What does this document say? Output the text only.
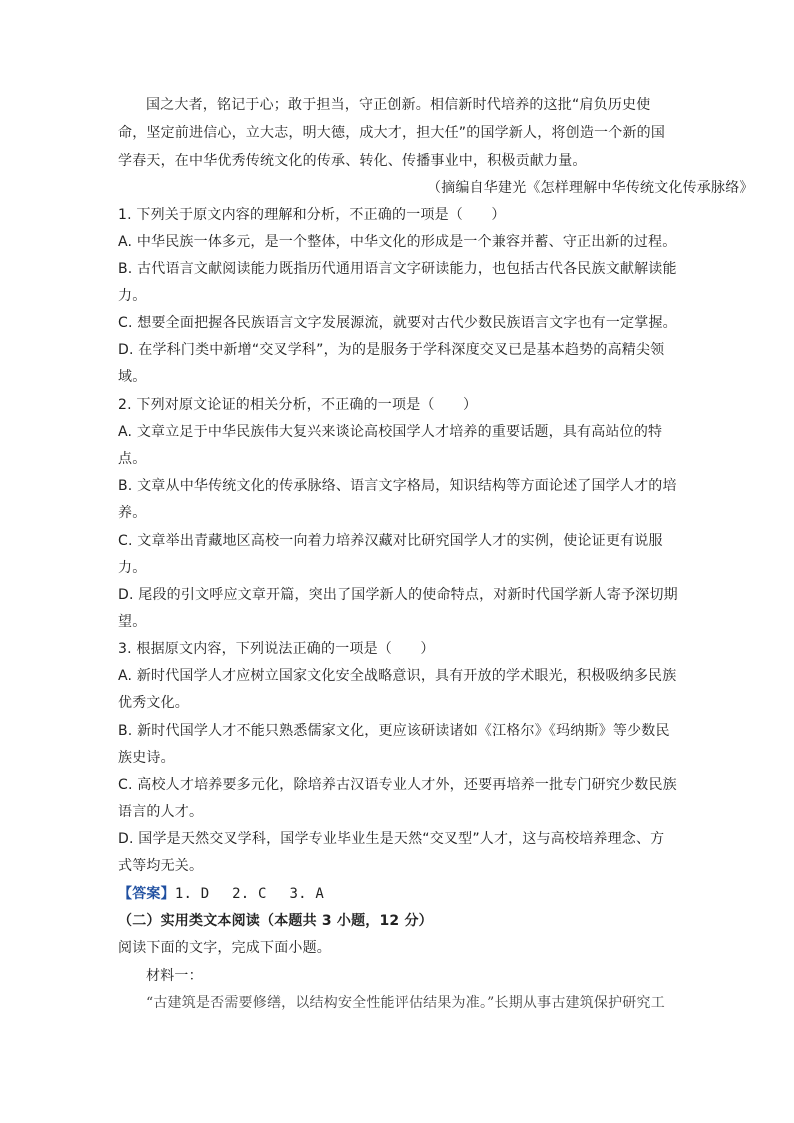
国之大者，铭记于心；敢于担当，守正创新。相信新时代培养的这批“肩负历史使
命，坚定前进信心，立大志，明大德，成大才，担大任”的国学新人，将创造一个新的国
学春天，在中华优秀传统文化的传承、转化、传播事业中，积极贡献力量。
（摘编自华建光《怎样理解中华传统文化传承脉络》
1. 下列关于原文内容的理解和分析，不正确的一项是（　　）
A. 中华民族一体多元，是一个整体，中华文化的形成是一个兼容并蓄、守正出新的过程。
B. 古代语言文献阅读能力既指历代通用语言文字研读能力，也包括古代各民族文献解读能
力。
C. 想要全面把握各民族语言文字发展源流，就要对古代少数民族语言文字也有一定掌握。
D. 在学科门类中新增“交叉学科”，为的是服务于学科深度交叉已是基本趋势的高精尖领
域。
2. 下列对原文论证的相关分析，不正确的一项是（　　）
A. 文章立足于中华民族伟大复兴来谈论高校国学人才培养的重要话题，具有高站位的特
点。
B. 文章从中华传统文化的传承脉络、语言文字格局，知识结构等方面论述了国学人才的培
养。
C. 文章举出青藏地区高校一向着力培养汉藏对比研究国学人才的实例，使论证更有说服
力。
D. 尾段的引文呼应文章开篇，突出了国学新人的使命特点，对新时代国学新人寄予深切期
望。
3. 根据原文内容，下列说法正确的一项是（　　）
A. 新时代国学人才应树立国家文化安全战略意识，具有开放的学术眼光，积极吸纳多民族
优秀文化。
B. 新时代国学人才不能只熟悉儒家文化，更应该研读诸如《江格尔》《玛纳斯》等少数民
族史诗。
C. 高校人才培养要多元化，除培养古汉语专业人才外，还要再培养一批专门研究少数民族
语言的人才。
D. 国学是天然交叉学科，国学专业毕业生是天然“交叉型”人才，这与高校培养理念、方
式等均无关。
【答案】1. D　 2. C　 3. A
（二）实用类文本阅读（本题共 3 小题，12 分）
阅读下面的文字，完成下面小题。
材料一：
“古建筑是否需要修缮，以结构安全性能评估结果为准。”长期从事古建筑保护研究工
